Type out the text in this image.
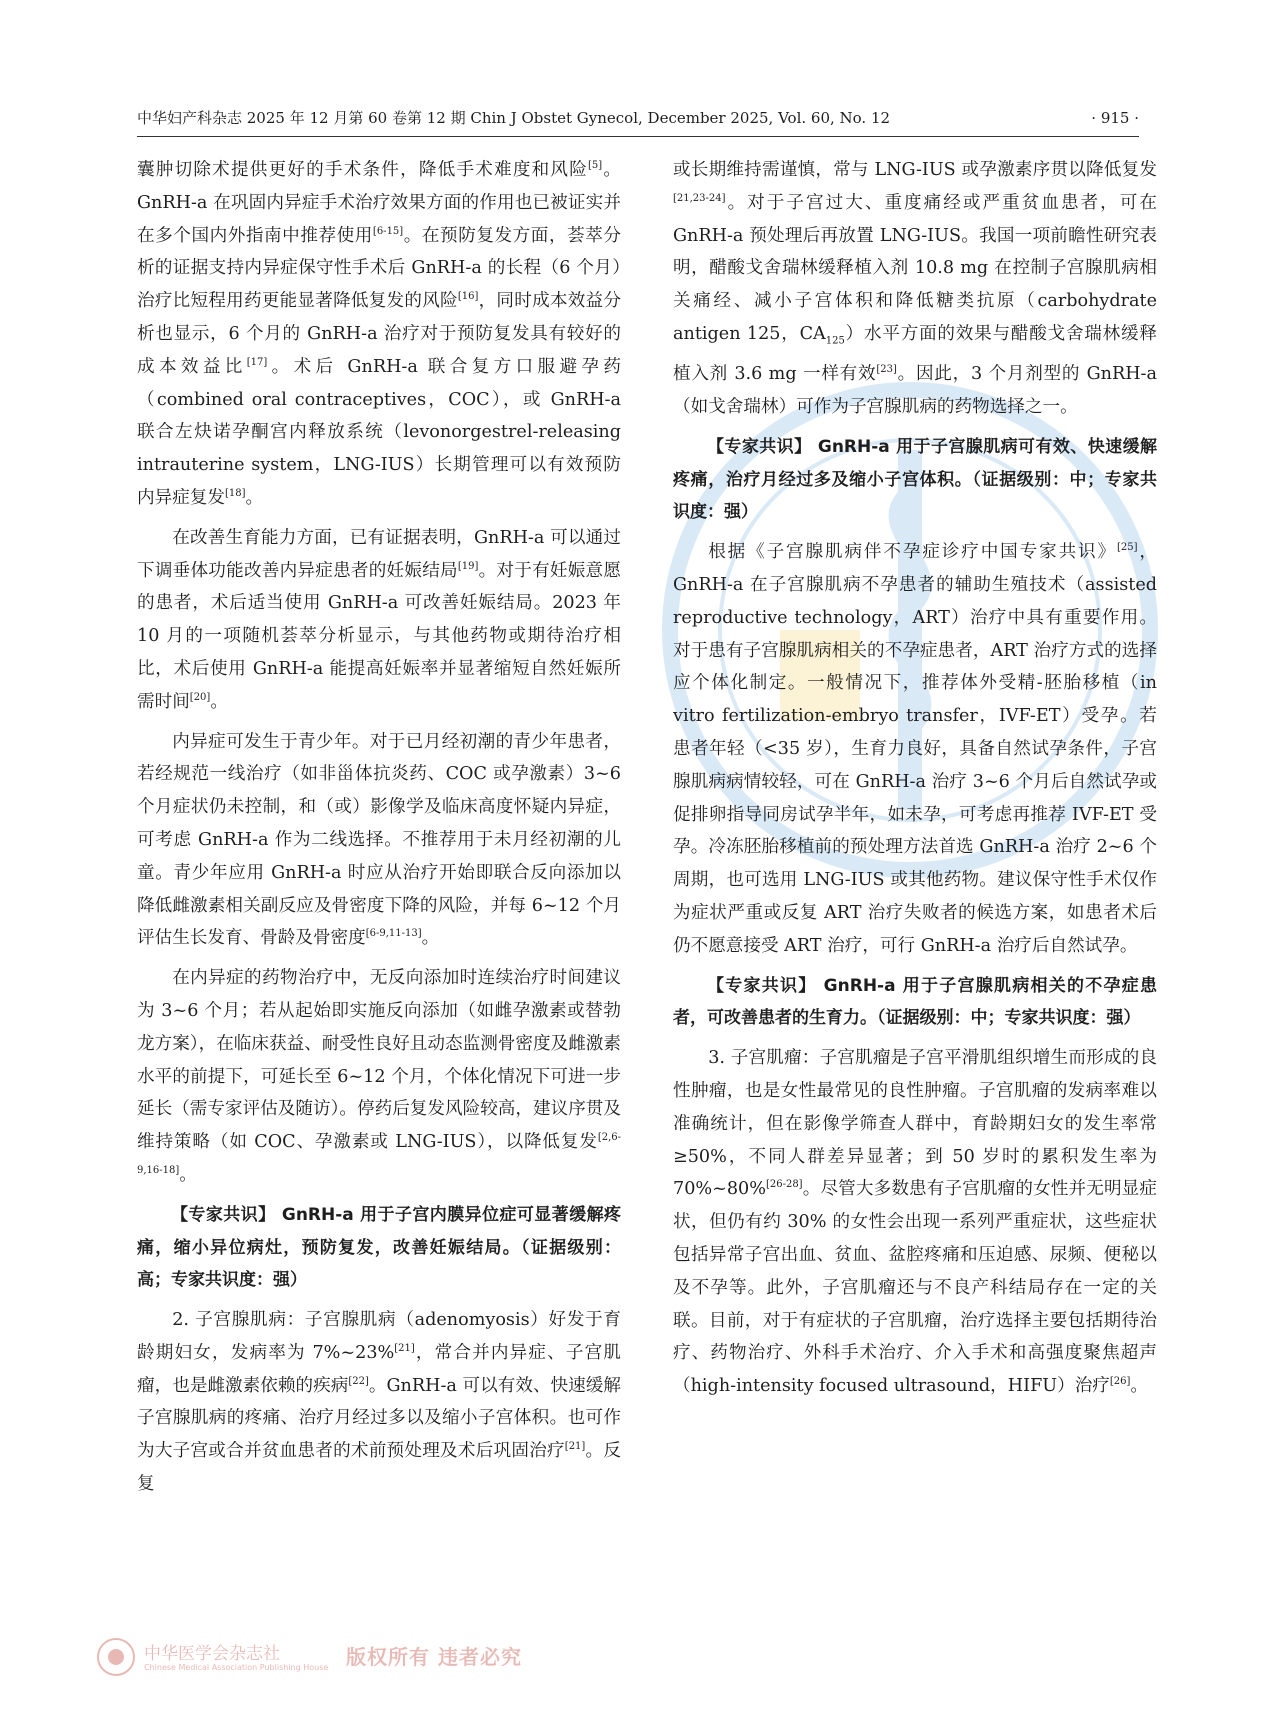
中华妇产科杂志 2025 年 12 月第 60 卷第 12 期 Chin J Obstet Gynecol, December 2025, Vol. 60, No. 12	· 915 ·

囊肿切除术提供更好的手术条件，降低手术难度和风险[5]。GnRH-a 在巩固内异症手术治疗效果方面的作用也已被证实并在多个国内外指南中推荐使用[6-15]。在预防复发方面，荟萃分析的证据支持内异症保守性手术后 GnRH-a 的长程（6 个月）治疗比短程用药更能显著降低复发的风险[16]，同时成本效益分析也显示，6 个月的 GnRH-a 治疗对于预防复发具有较好的成本效益比[17]。术后 GnRH-a 联合复方口服避孕药（combined oral contraceptives，COC），或 GnRH-a 联合左炔诺孕酮宫内释放系统（levonorgestrel-releasing intrauterine system，LNG-IUS）长期管理可以有效预防内异症复发[18]。

在改善生育能力方面，已有证据表明，GnRH-a 可以通过下调垂体功能改善内异症患者的妊娠结局[19]。对于有妊娠意愿的患者，术后适当使用 GnRH-a 可改善妊娠结局。2023 年 10 月的一项随机荟萃分析显示，与其他药物或期待治疗相比，术后使用 GnRH-a 能提高妊娠率并显著缩短自然妊娠所需时间[20]。

内异症可发生于青少年。对于已月经初潮的青少年患者，若经规范一线治疗（如非甾体抗炎药、COC 或孕激素）3~6 个月症状仍未控制，和（或）影像学及临床高度怀疑内异症，可考虑 GnRH-a 作为二线选择。不推荐用于未月经初潮的儿童。青少年应用 GnRH-a 时应从治疗开始即联合反向添加以降低雌激素相关副反应及骨密度下降的风险，并每 6~12 个月评估生长发育、骨龄及骨密度[6-9,11-13]。

在内异症的药物治疗中，无反向添加时连续治疗时间建议为 3~6 个月；若从起始即实施反向添加（如雌孕激素或替勃龙方案），在临床获益、耐受性良好且动态监测骨密度及雌激素水平的前提下，可延长至 6~12 个月，个体化情况下可进一步延长（需专家评估及随访）。停药后复发风险较高，建议序贯及维持策略（如 COC、孕激素或 LNG-IUS），以降低复发[2,6-9,16-18]。

【专家共识】 GnRH-a 用于子宫内膜异位症可显著缓解疼痛，缩小异位病灶，预防复发，改善妊娠结局。（证据级别：高；专家共识度：强）

2. 子宫腺肌病：子宫腺肌病（adenomyosis）好发于育龄期妇女，发病率为 7%~23%[21]，常合并内异症、子宫肌瘤，也是雌激素依赖的疾病[22]。GnRH-a 可以有效、快速缓解子宫腺肌病的疼痛、治疗月经过多以及缩小子宫体积。也可作为大子宫或合并贫血患者的术前预处理及术后巩固治疗[21]。反复

或长期维持需谨慎，常与 LNG-IUS 或孕激素序贯以降低复发[21,23-24]。对于子宫过大、重度痛经或严重贫血患者，可在 GnRH-a 预处理后再放置 LNG-IUS。我国一项前瞻性研究表明，醋酸戈舍瑞林缓释植入剂 10.8 mg 在控制子宫腺肌病相关痛经、减小子宫体积和降低糖类抗原（carbohydrate antigen 125，$CA_{125}$）水平方面的效果与醋酸戈舍瑞林缓释植入剂 3.6 mg 一样有效[23]。因此，3 个月剂型的 GnRH-a（如戈舍瑞林）可作为子宫腺肌病的药物选择之一。

【专家共识】 GnRH-a 用于子宫腺肌病可有效、快速缓解疼痛，治疗月经过多及缩小子宫体积。（证据级别：中；专家共识度：强）

根据《子宫腺肌病伴不孕症诊疗中国专家共识》[25]，GnRH-a 在子宫腺肌病不孕患者的辅助生殖技术（assisted reproductive technology，ART）治疗中具有重要作用。对于患有子宫腺肌病相关的不孕症患者，ART 治疗方式的选择应个体化制定。一般情况下，推荐体外受精-胚胎移植（in vitro fertilization-embryo transfer，IVF-ET）受孕。若患者年轻（<35 岁），生育力良好，具备自然试孕条件，子宫腺肌病病情较轻，可在 GnRH-a 治疗 3~6 个月后自然试孕或促排卵指导同房试孕半年，如未孕，可考虑再推荐 IVF-ET 受孕。冷冻胚胎移植前的预处理方法首选 GnRH-a 治疗 2~6 个周期，也可选用 LNG-IUS 或其他药物。建议保守性手术仅作为症状严重或反复 ART 治疗失败者的候选方案，如患者术后仍不愿意接受 ART 治疗，可行 GnRH-a 治疗后自然试孕。

【专家共识】 GnRH-a 用于子宫腺肌病相关的不孕症患者，可改善患者的生育力。（证据级别：中；专家共识度：强）

3. 子宫肌瘤：子宫肌瘤是子宫平滑肌组织增生而形成的良性肿瘤，也是女性最常见的良性肿瘤。子宫肌瘤的发病率难以准确统计，但在影像学筛查人群中，育龄期妇女的发生率常≥50%，不同人群差异显著；到 50 岁时的累积发生率为 70%~80%[26-28]。尽管大多数患有子宫肌瘤的女性并无明显症状，但仍有约 30% 的女性会出现一系列严重症状，这些症状包括异常子宫出血、贫血、盆腔疼痛和压迫感、尿频、便秘以及不孕等。此外，子宫肌瘤还与不良产科结局存在一定的关联。目前，对于有症状的子宫肌瘤，治疗选择主要包括期待治疗、药物治疗、外科手术治疗、介入手术和高强度聚焦超声（high-intensity focused ultrasound，HIFU）治疗[26]。

中华医学会杂志社
Chinese Medical Association Publishing House 版权所有 违者必究
